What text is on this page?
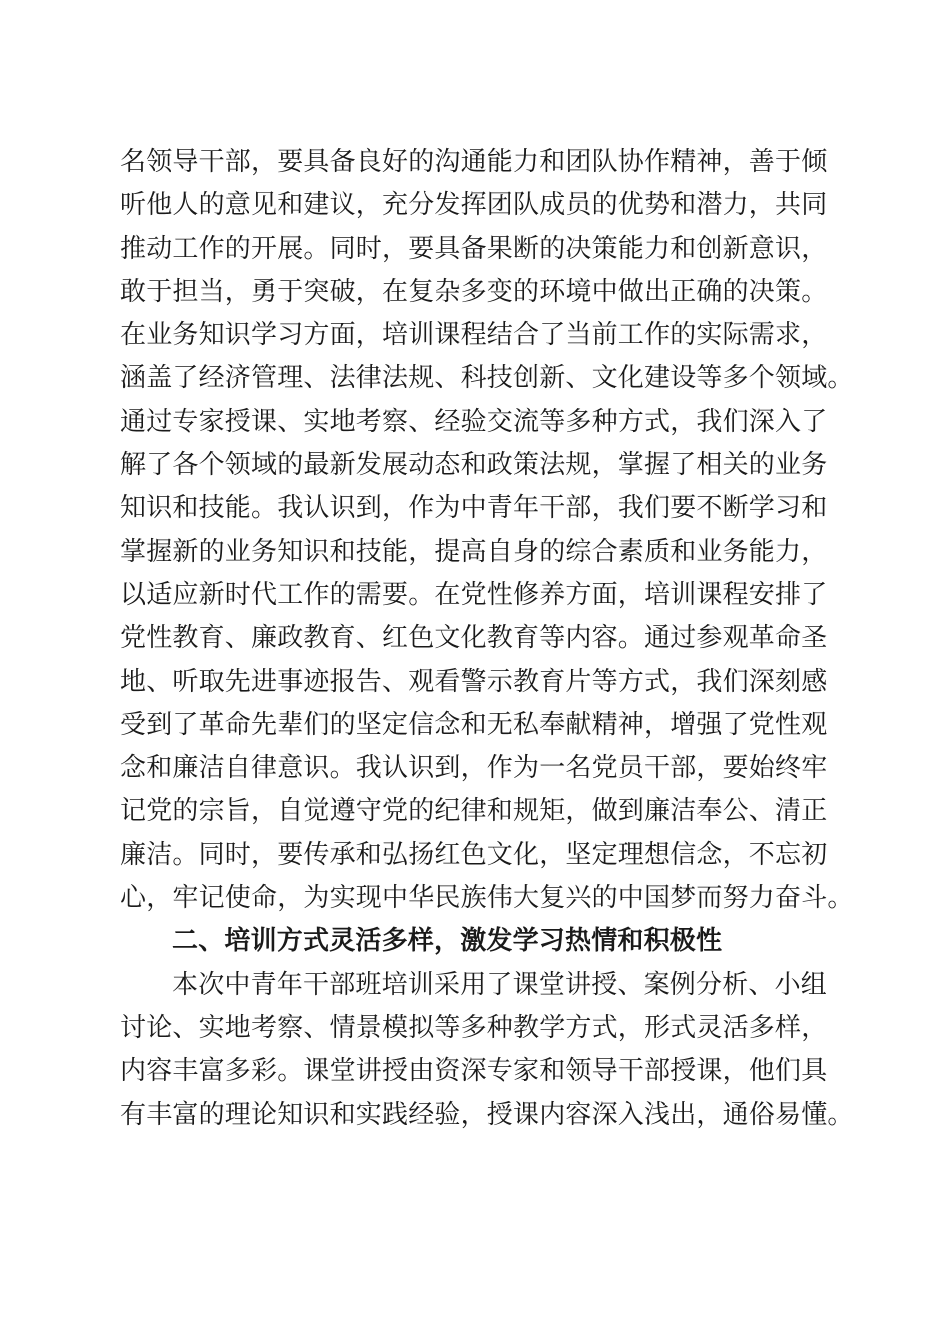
名领导干部，要具备良好的沟通能力和团队协作精神，善于倾
听他人的意见和建议，充分发挥团队成员的优势和潜力，共同
推动工作的开展。同时，要具备果断的决策能力和创新意识，
敢于担当，勇于突破，在复杂多变的环境中做出正确的决策。
在业务知识学习方面，培训课程结合了当前工作的实际需求，
涵盖了经济管理、法律法规、科技创新、文化建设等多个领域。
通过专家授课、实地考察、经验交流等多种方式，我们深入了
解了各个领域的最新发展动态和政策法规，掌握了相关的业务
知识和技能。我认识到，作为中青年干部，我们要不断学习和
掌握新的业务知识和技能，提高自身的综合素质和业务能力，
以适应新时代工作的需要。在党性修养方面，培训课程安排了
党性教育、廉政教育、红色文化教育等内容。通过参观革命圣
地、听取先进事迹报告、观看警示教育片等方式，我们深刻感
受到了革命先辈们的坚定信念和无私奉献精神，增强了党性观
念和廉洁自律意识。我认识到，作为一名党员干部，要始终牢
记党的宗旨，自觉遵守党的纪律和规矩，做到廉洁奉公、清正
廉洁。同时，要传承和弘扬红色文化，坚定理想信念，不忘初
心，牢记使命，为实现中华民族伟大复兴的中国梦而努力奋斗。
二、培训方式灵活多样，激发学习热情和积极性
本次中青年干部班培训采用了课堂讲授、案例分析、小组
讨论、实地考察、情景模拟等多种教学方式，形式灵活多样，
内容丰富多彩。课堂讲授由资深专家和领导干部授课，他们具
有丰富的理论知识和实践经验，授课内容深入浅出，通俗易懂。
